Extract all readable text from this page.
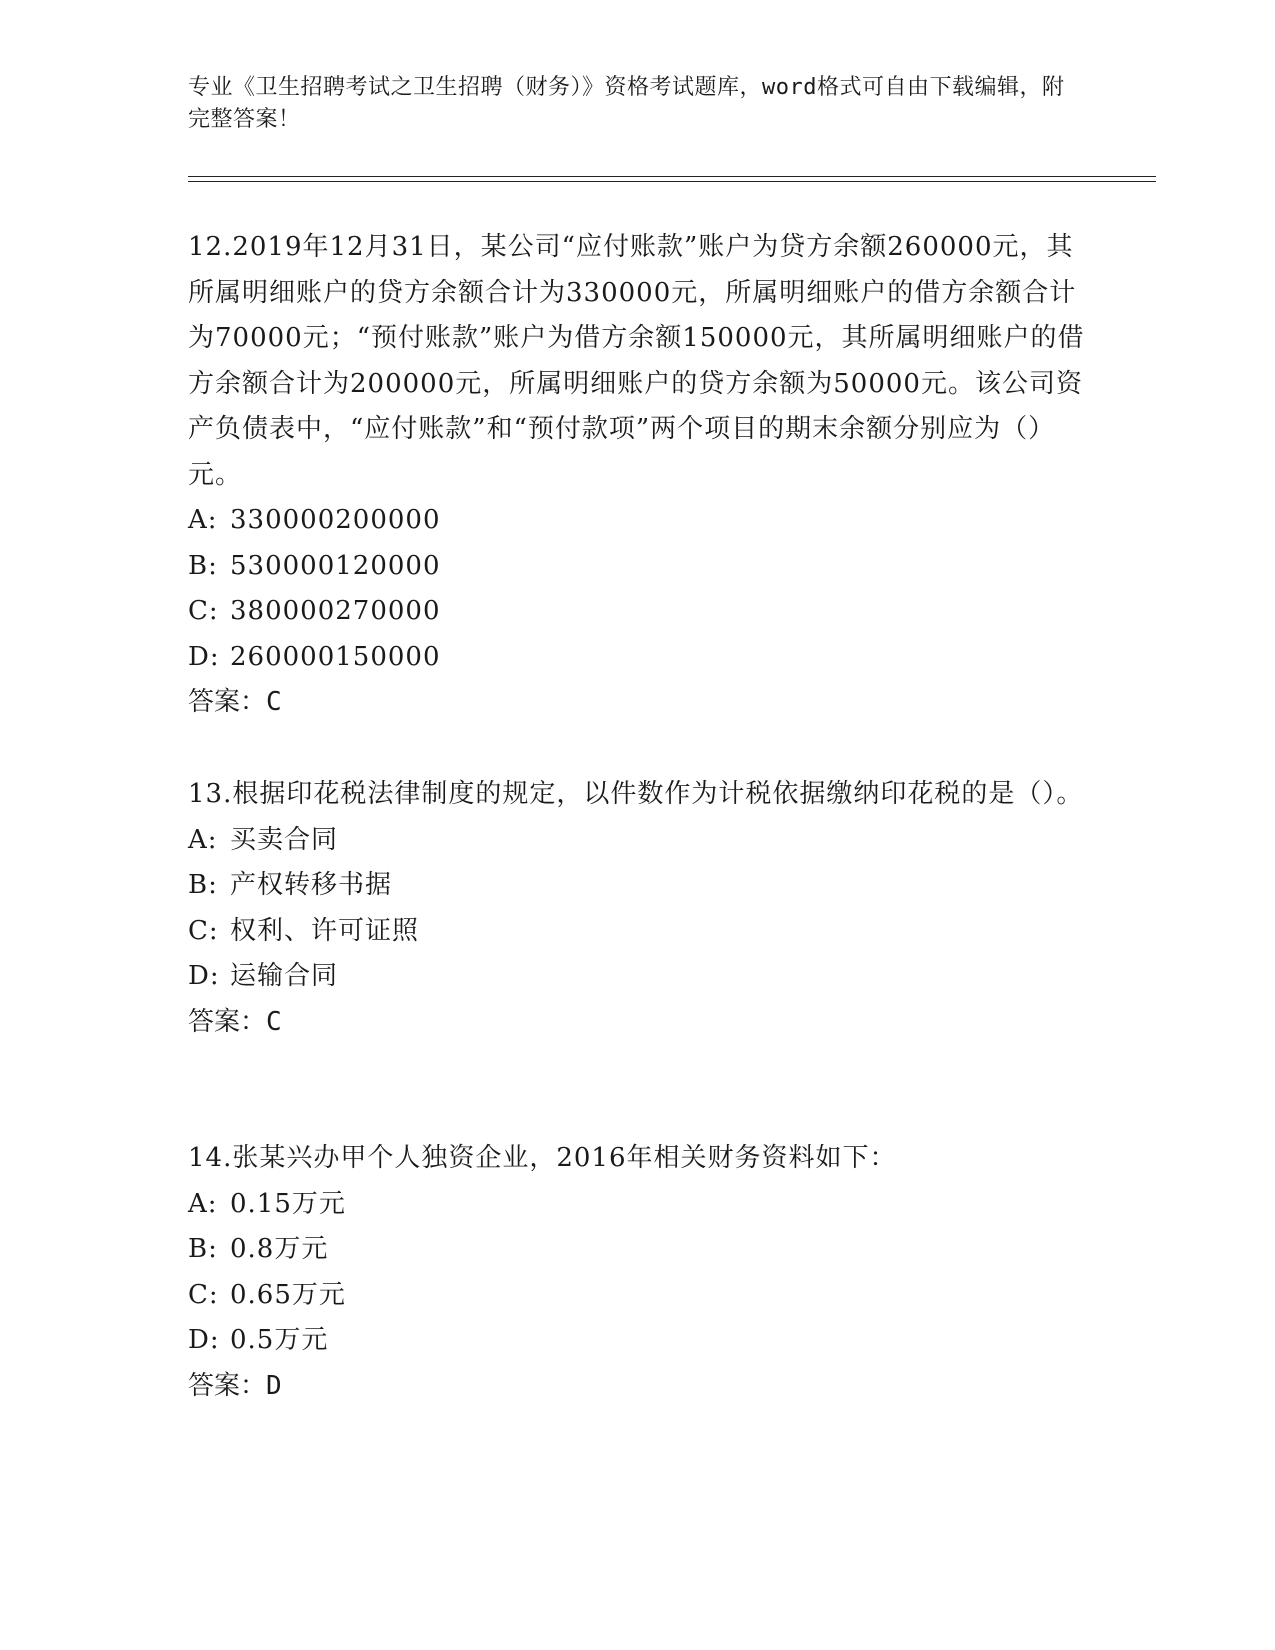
专业《卫生招聘考试之卫生招聘（财务）》资格考试题库，word格式可自由下载编辑，附完整答案！

12.2019年12月31日，某公司“应付账款”账户为贷方余额260000元，其所属明细账户的贷方余额合计为330000元，所属明细账户的借方余额合计为70000元；“预付账款”账户为借方余额150000元，其所属明细账户的借方余额合计为200000元，所属明细账户的贷方余额为50000元。该公司资产负债表中，“应付账款”和“预付款项”两个项目的期末余额分别应为（）元。

A: 330000200000

B: 530000120000

C: 380000270000

D: 260000150000

答案：C

13.根据印花税法律制度的规定，以件数作为计税依据缴纳印花税的是（）。

A: 买卖合同

B: 产权转移书据

C: 权利、许可证照

D: 运输合同

答案：C

14.张某兴办甲个人独资企业，2016年相关财务资料如下：

A: 0.15万元

B: 0.8万元

C: 0.65万元

D: 0.5万元

答案：D
